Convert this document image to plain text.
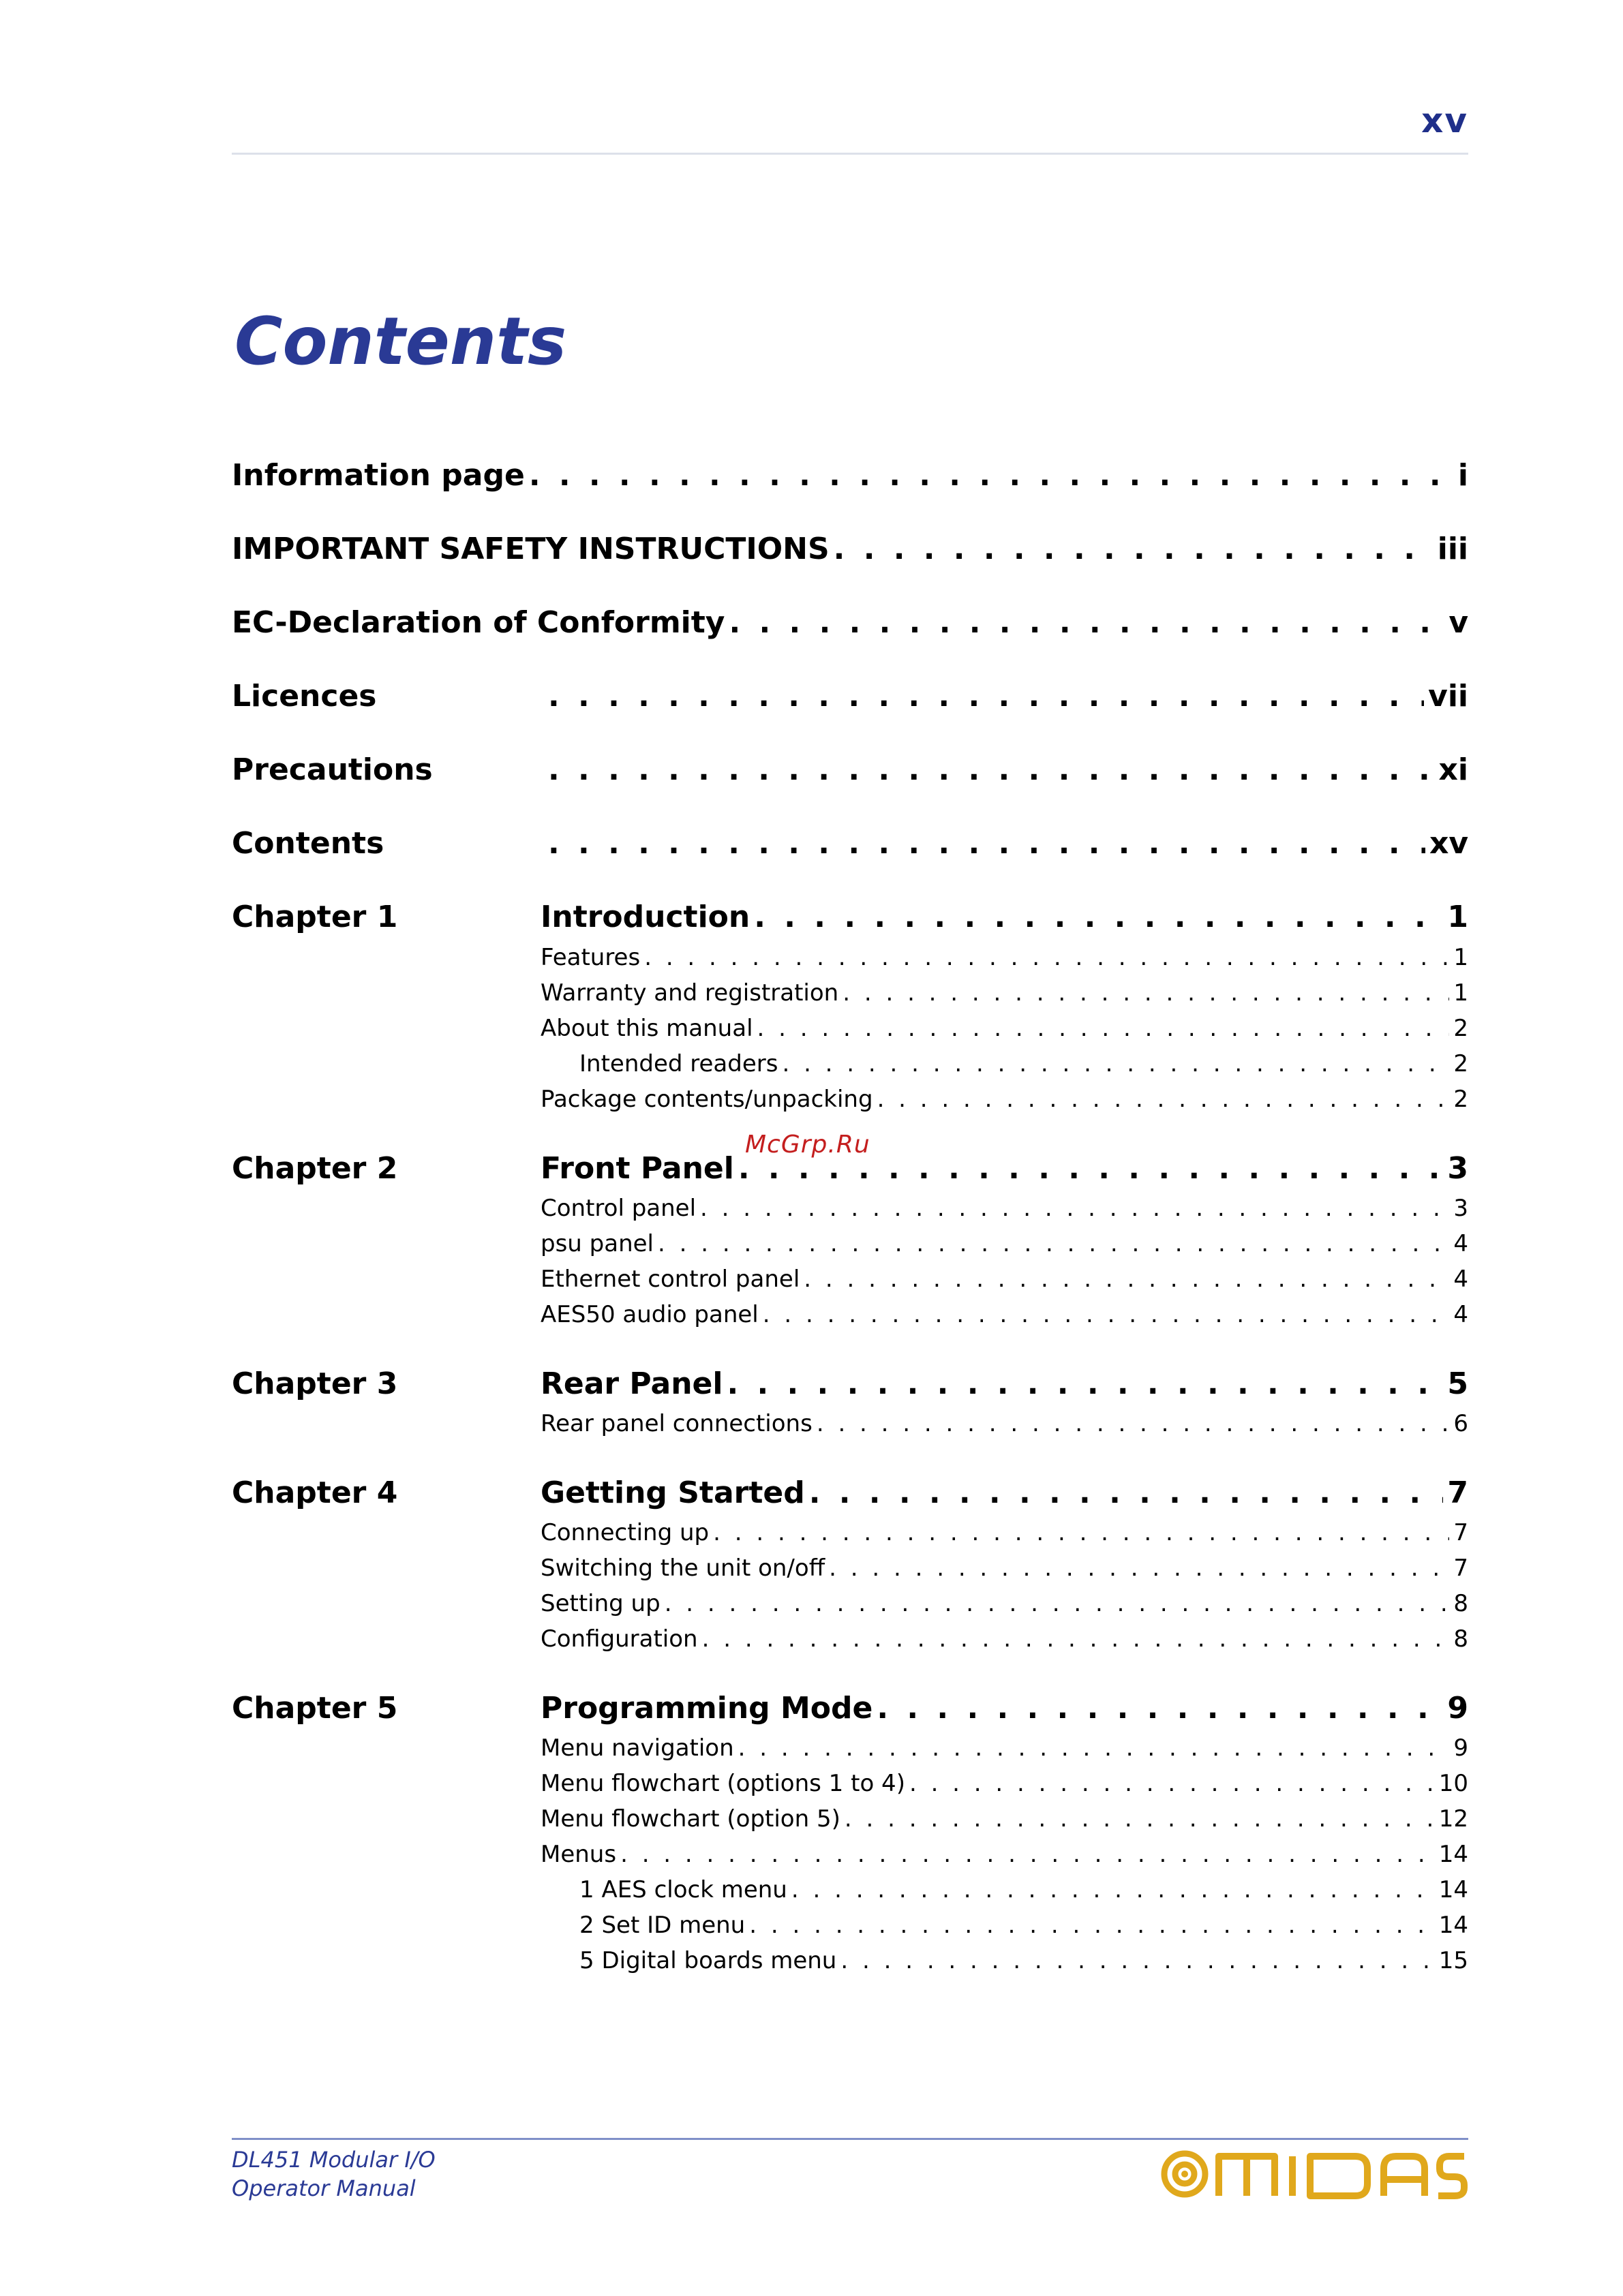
xv
Contents
Information page . . .	i
IMPORTANT SAFETY INSTRUCTIONS . . .	iii
EC-Declaration of Conformity . . .	v
Licences . . .	vii
Precautions . . .	xi
Contents . . .	xv
Chapter 1	Introduction . . .	1
Features . . .	1
Warranty and registration . . .	1
About this manual . . .	2
Intended readers . . .	2
Package contents/unpacking . . .	2
Chapter 2	Front Panel . . .	3
Control panel . . .	3
psu panel . . .	4
Ethernet control panel . . .	4
AES50 audio panel . . .	4
Chapter 3	Rear Panel . . .	5
Rear panel connections . . .	6
Chapter 4	Getting Started . . .	7
Connecting up . . .	7
Switching the unit on/off . . .	7
Setting up . . .	8
Configuration . . .	8
Chapter 5	Programming Mode . . .	9
Menu navigation . . .	9
Menu flowchart (options 1 to 4) . . .	10
Menu flowchart (option 5) . . .	12
Menus . . .	14
1 AES clock menu . . .	14
2 Set ID menu . . .	14
5 Digital boards menu . . .	15
McGrp.Ru
DL451 Modular I/O
Operator Manual
MIDAS
